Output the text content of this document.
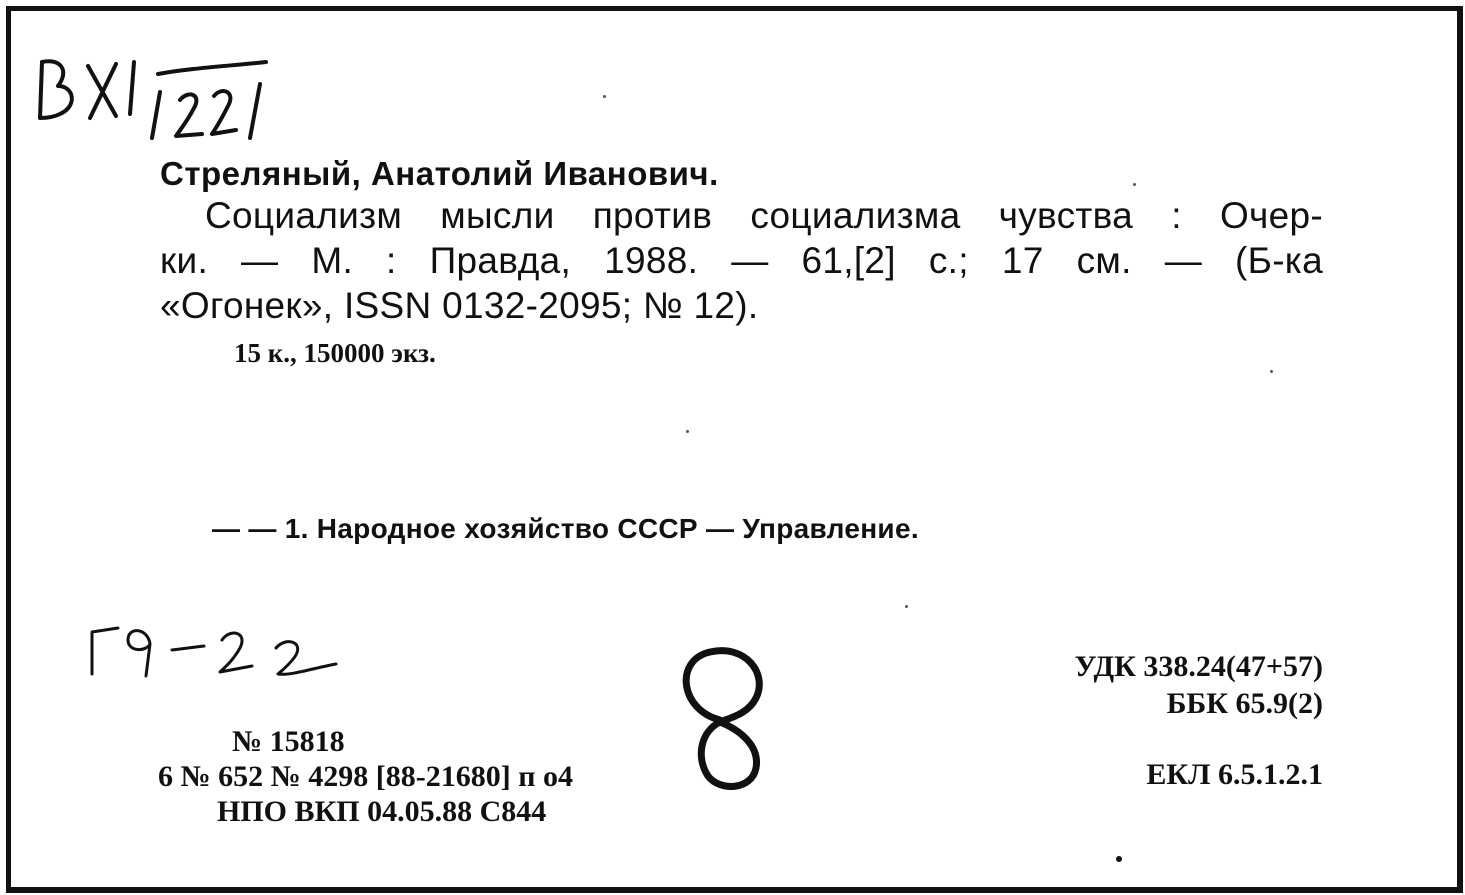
Стреляный, Анатолий Иванович.

Социализм мысли против социализма чувства : Очер-

ки. — М. : Правда, 1988. — 61,[2] с.; 17 см. — (Б-ка

«Огонек», ISSN 0132-2095; № 12).

15 к., 150000 экз.

— — 1. Народное хозяйство СССР — Управление.

№ 15818

6 № 652 № 4298 [88-21680] п о4

НПО ВКП 04.05.88 С844

УДК 338.24(47+57)

ББК 65.9(2)

ЕКЛ 6.5.1.2.1
